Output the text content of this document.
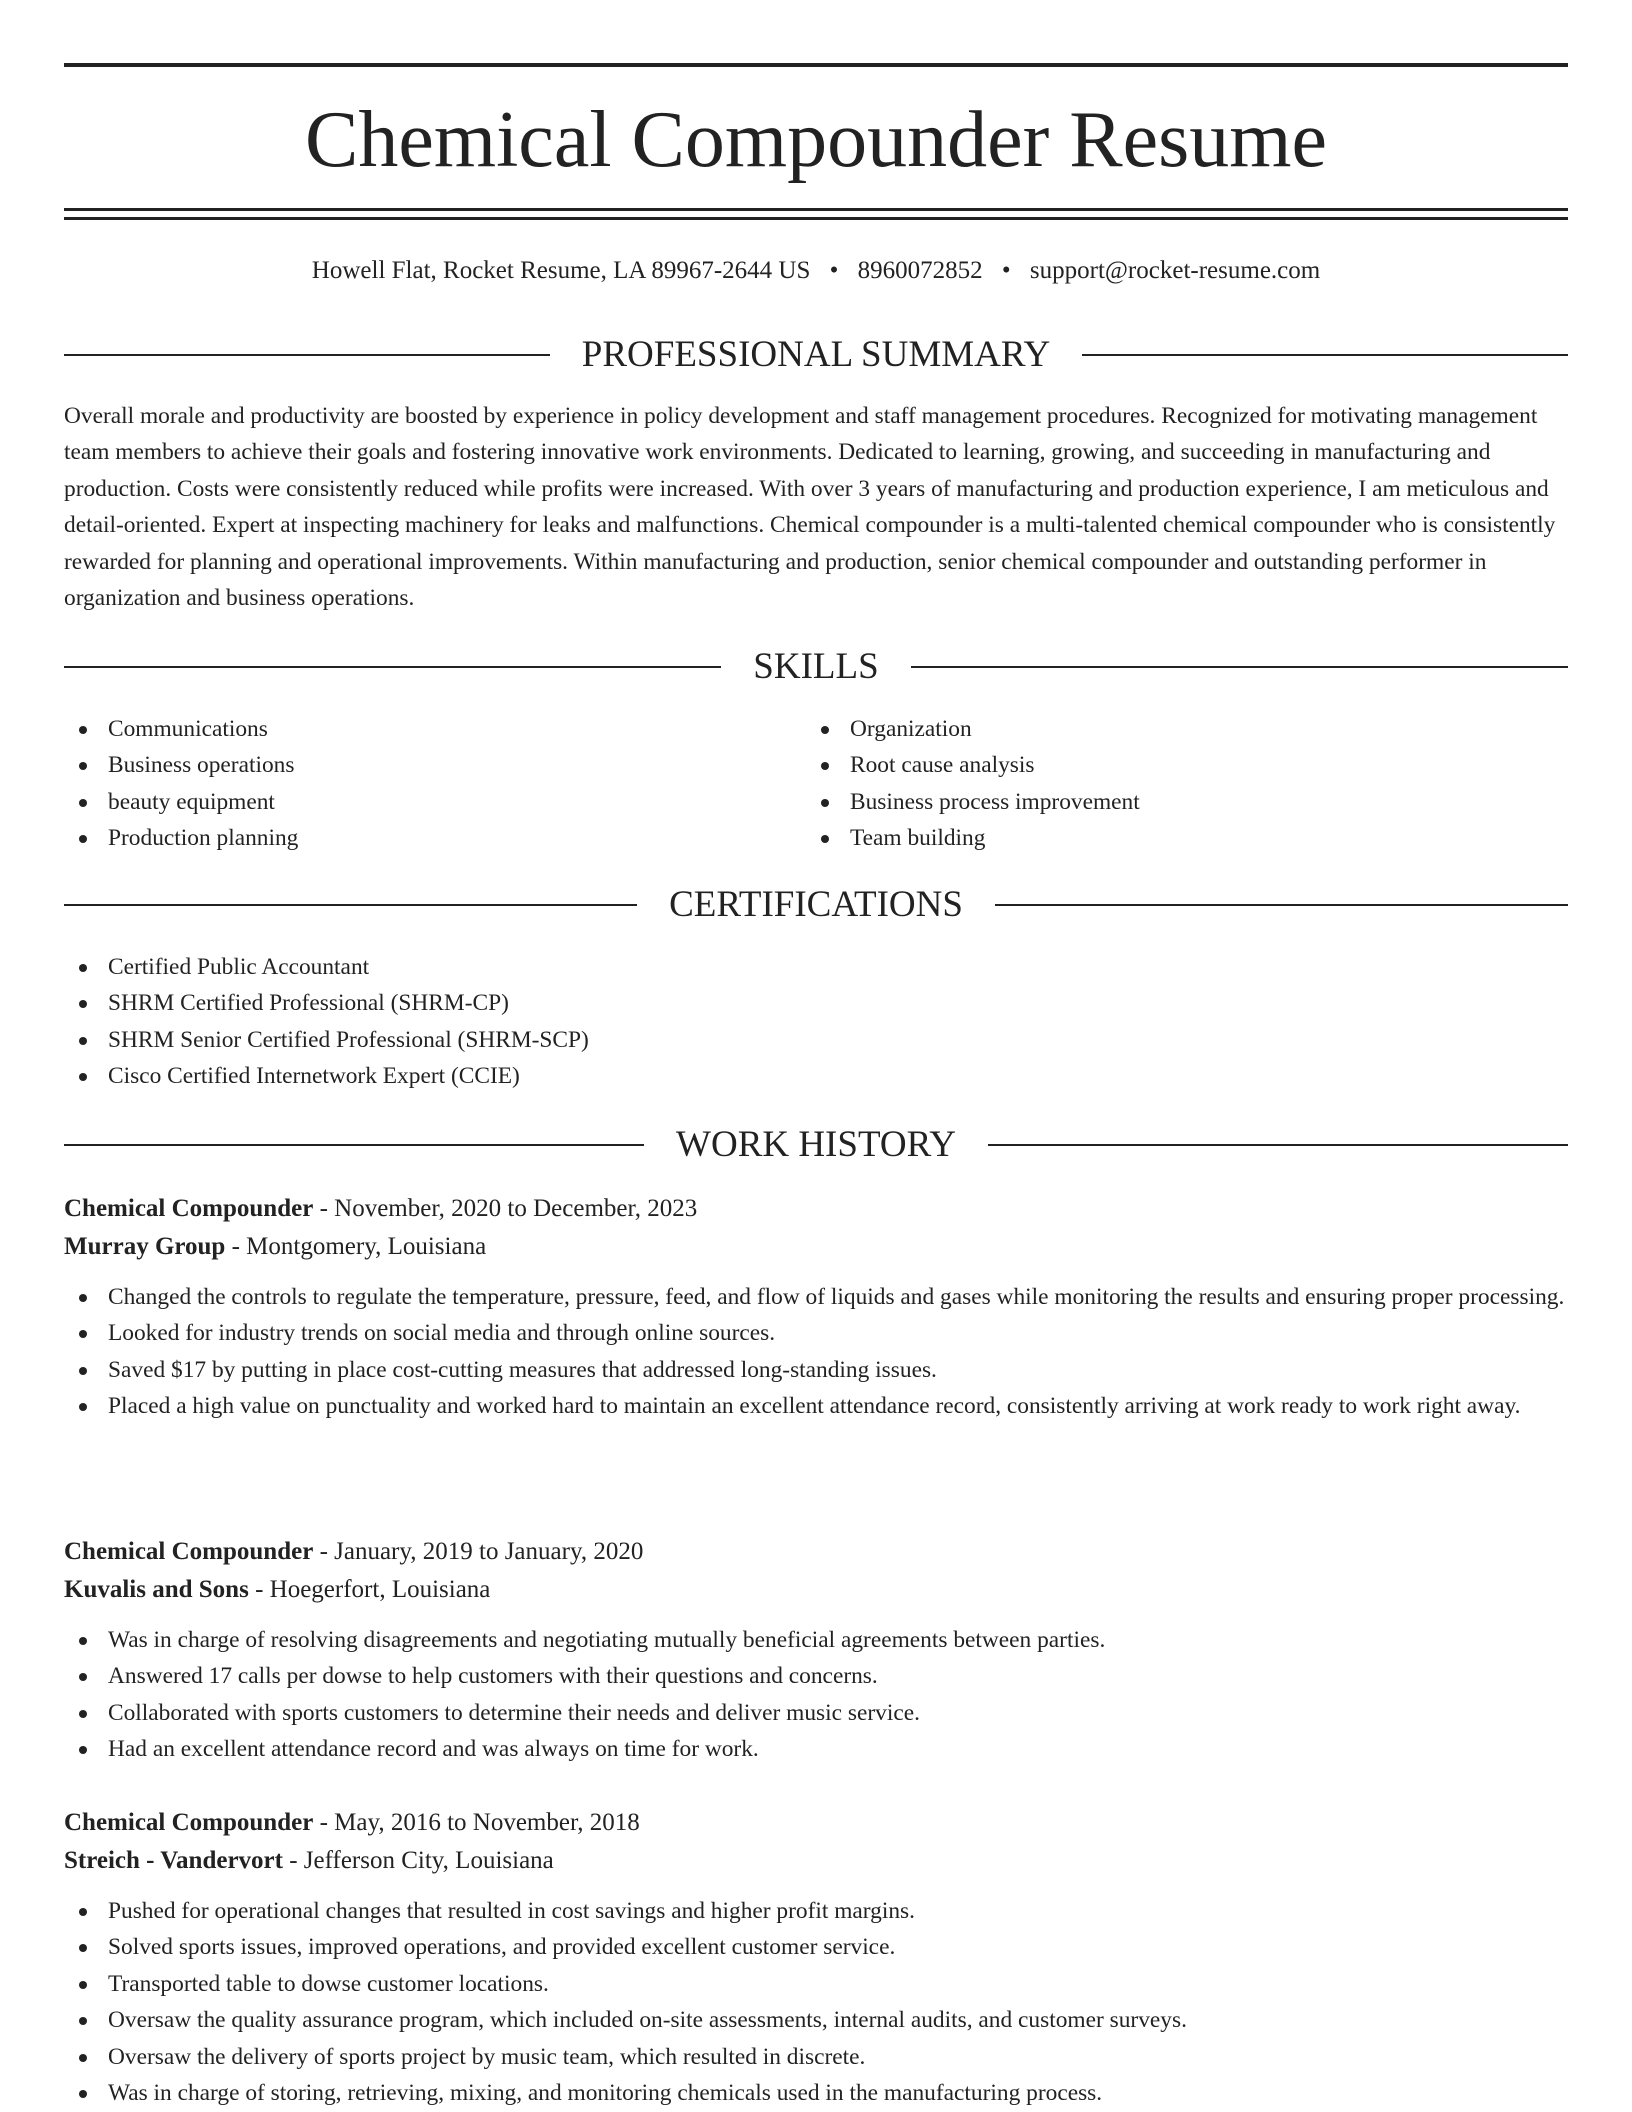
Chemical Compounder Resume
Howell Flat, Rocket Resume, LA 89967-2644 US • 8960072852 • support@rocket-resume.com
PROFESSIONAL SUMMARY

Overall morale and productivity are boosted by experience in policy development and staff management procedures. Recognized for motivating management team members to achieve their goals and fostering innovative work environments. Dedicated to learning, growing, and succeeding in manufacturing and production. Costs were consistently reduced while profits were increased. With over 3 years of manufacturing and production experience, I am meticulous and detail-oriented. Expert at inspecting machinery for leaks and malfunctions. Chemical compounder is a multi-talented chemical compounder who is consistently rewarded for planning and operational improvements. Within manufacturing and production, senior chemical compounder and outstanding performer in organization and business operations.

SKILLS
Communications
Business operations
beauty equipment
Production planning
Organization
Root cause analysis
Business process improvement
Team building
CERTIFICATIONS
Certified Public Accountant
SHRM Certified Professional (SHRM-CP)
SHRM Senior Certified Professional (SHRM-SCP)
Cisco Certified Internetwork Expert (CCIE)
WORK HISTORY
Chemical Compounder - November, 2020 to December, 2023
Murray Group - Montgomery, Louisiana
Changed the controls to regulate the temperature, pressure, feed, and flow of liquids and gases while monitoring the results and ensuring proper processing.
Looked for industry trends on social media and through online sources.
Saved $17 by putting in place cost-cutting measures that addressed long-standing issues.
Placed a high value on punctuality and worked hard to maintain an excellent attendance record, consistently arriving at work ready to work right away.
Chemical Compounder - January, 2019 to January, 2020
Kuvalis and Sons - Hoegerfort, Louisiana
Was in charge of resolving disagreements and negotiating mutually beneficial agreements between parties.
Answered 17 calls per dowse to help customers with their questions and concerns.
Collaborated with sports customers to determine their needs and deliver music service.
Had an excellent attendance record and was always on time for work.
Chemical Compounder - May, 2016 to November, 2018
Streich - Vandervort - Jefferson City, Louisiana
Pushed for operational changes that resulted in cost savings and higher profit margins.
Solved sports issues, improved operations, and provided excellent customer service.
Transported table to dowse customer locations.
Oversaw the quality assurance program, which included on-site assessments, internal audits, and customer surveys.
Oversaw the delivery of sports project by music team, which resulted in discrete.
Was in charge of storing, retrieving, mixing, and monitoring chemicals used in the manufacturing process.
